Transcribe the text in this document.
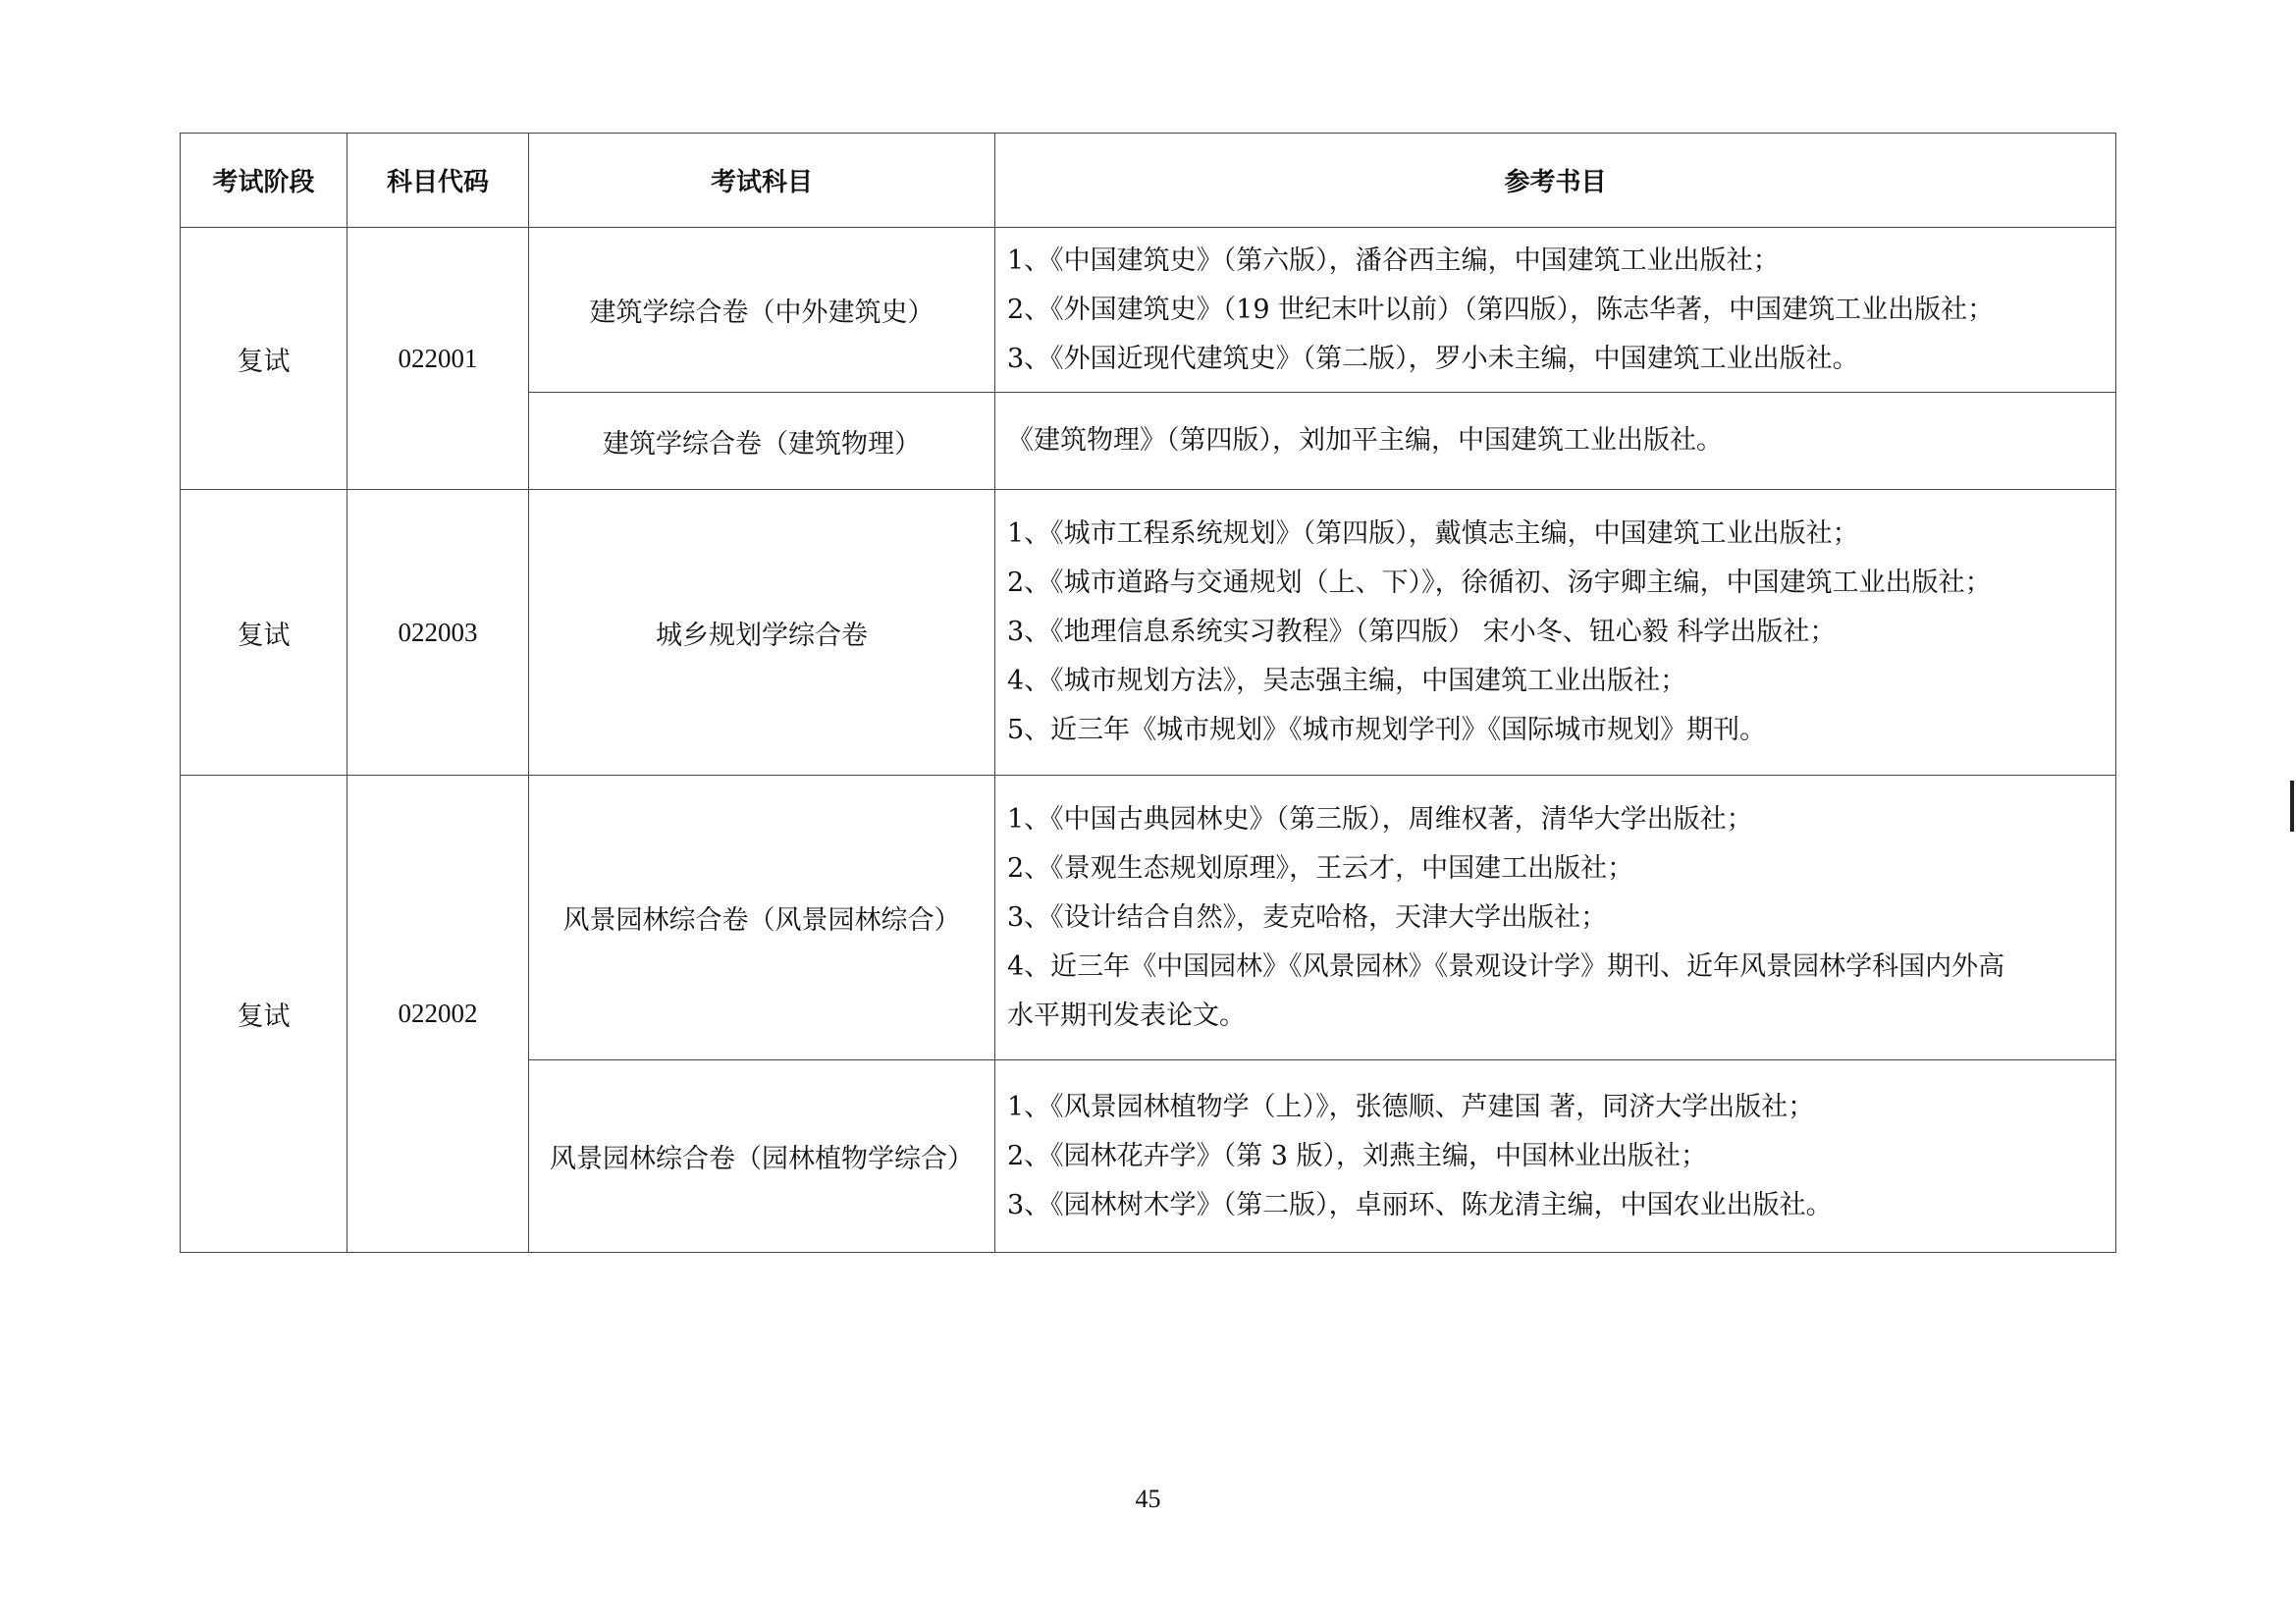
考试阶段	科目代码	考试科目	参考书目
复试	022001	建筑学综合卷（中外建筑史）	1、《中国建筑史》（第六版），潘谷西主编，中国建筑工业出版社；
2、《外国建筑史》（19 世纪末叶以前）（第四版），陈志华著，中国建筑工业出版社；
3、《外国近现代建筑史》（第二版），罗小未主编，中国建筑工业出版社。

		建筑学综合卷（建筑物理）	《建筑物理》（第四版），刘加平主编，中国建筑工业出版社。

复试	022003	城乡规划学综合卷	1、《城市工程系统规划》（第四版），戴慎志主编，中国建筑工业出版社；
2、《城市道路与交通规划（上、下）》，徐循初、汤宇卿主编，中国建筑工业出版社；
3、《地理信息系统实习教程》（第四版） 宋小冬、钮心毅 科学出版社；
4、《城市规划方法》，吴志强主编，中国建筑工业出版社；
5、近三年《城市规划》《城市规划学刊》《国际城市规划》期刊。

复试	022002	风景园林综合卷（风景园林综合）	1、《中国古典园林史》（第三版），周维权著，清华大学出版社；
2、《景观生态规划原理》，王云才，中国建工出版社；
3、《设计结合自然》，麦克哈格，天津大学出版社；
4、近三年《中国园林》《风景园林》《景观设计学》期刊、近年风景园林学科国内外高
水平期刊发表论文。

		风景园林综合卷（园林植物学综合）	1、《风景园林植物学（上）》，张德顺、芦建国 著，同济大学出版社；
2、《园林花卉学》（第 3 版），刘燕主编，中国林业出版社；
3、《园林树木学》（第二版），卓丽环、陈龙清主编，中国农业出版社。
45
